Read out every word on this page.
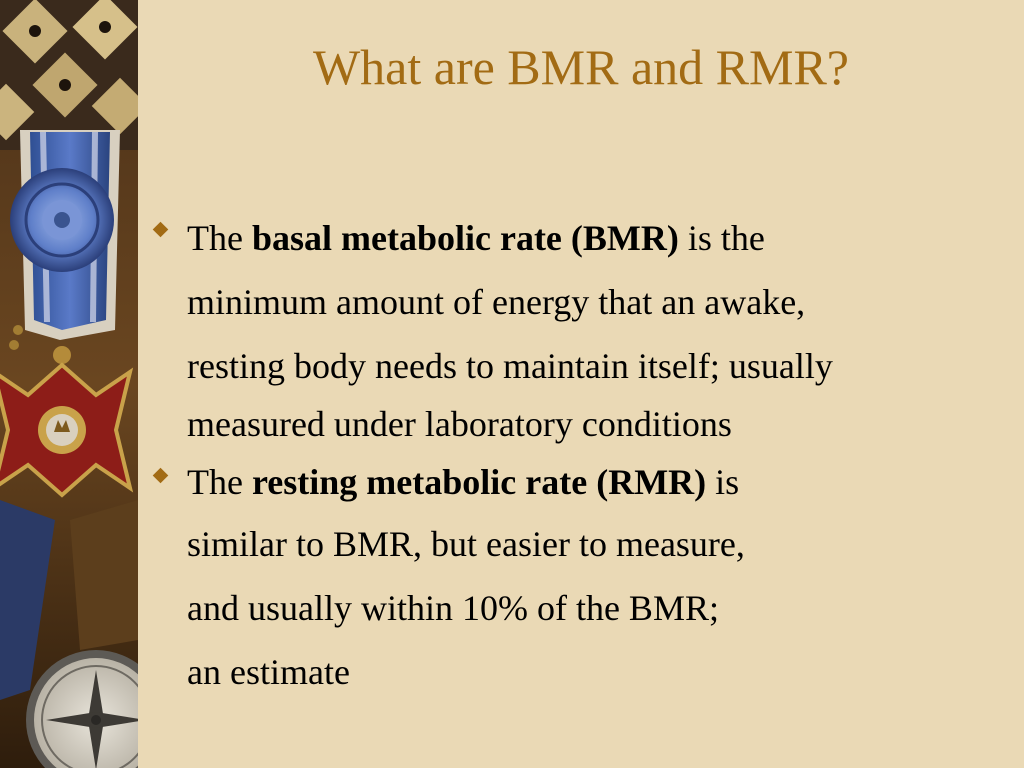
What are BMR and RMR?
The basal metabolic rate (BMR) is the
minimum amount of energy that an awake,
resting body needs to maintain itself; usually
measured under laboratory conditions
The resting metabolic rate (RMR) is
similar to BMR, but easier to measure,
and usually within 10% of the BMR;
an estimate
